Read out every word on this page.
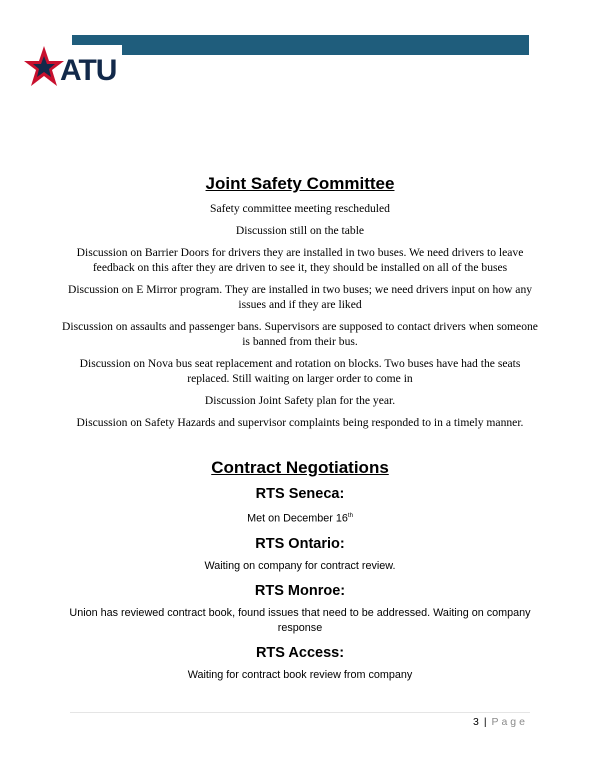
ATU
Joint Safety Committee

Safety committee meeting rescheduled

Discussion still on the table

Discussion on Barrier Doors for drivers they are installed in two buses. We need drivers to leave feedback on this after they are driven to see it, they should be installed on all of the buses

Discussion on E Mirror program. They are installed in two buses; we need drivers input on how any issues and if they are liked

Discussion on assaults and passenger bans. Supervisors are supposed to contact drivers when someone is banned from their bus.

Discussion on Nova bus seat replacement and rotation on blocks. Two buses have had the seats replaced. Still waiting on larger order to come in

Discussion Joint Safety plan for the year.

Discussion on Safety Hazards and supervisor complaints being responded to in a timely manner.

Contract Negotiations
RTS Seneca:

Met on December 16th

RTS Ontario:

Waiting on company for contract review.

RTS Monroe:

Union has reviewed contract book, found issues that need to be addressed. Waiting on company response

RTS Access:

Waiting for contract book review from company

3 | Page
